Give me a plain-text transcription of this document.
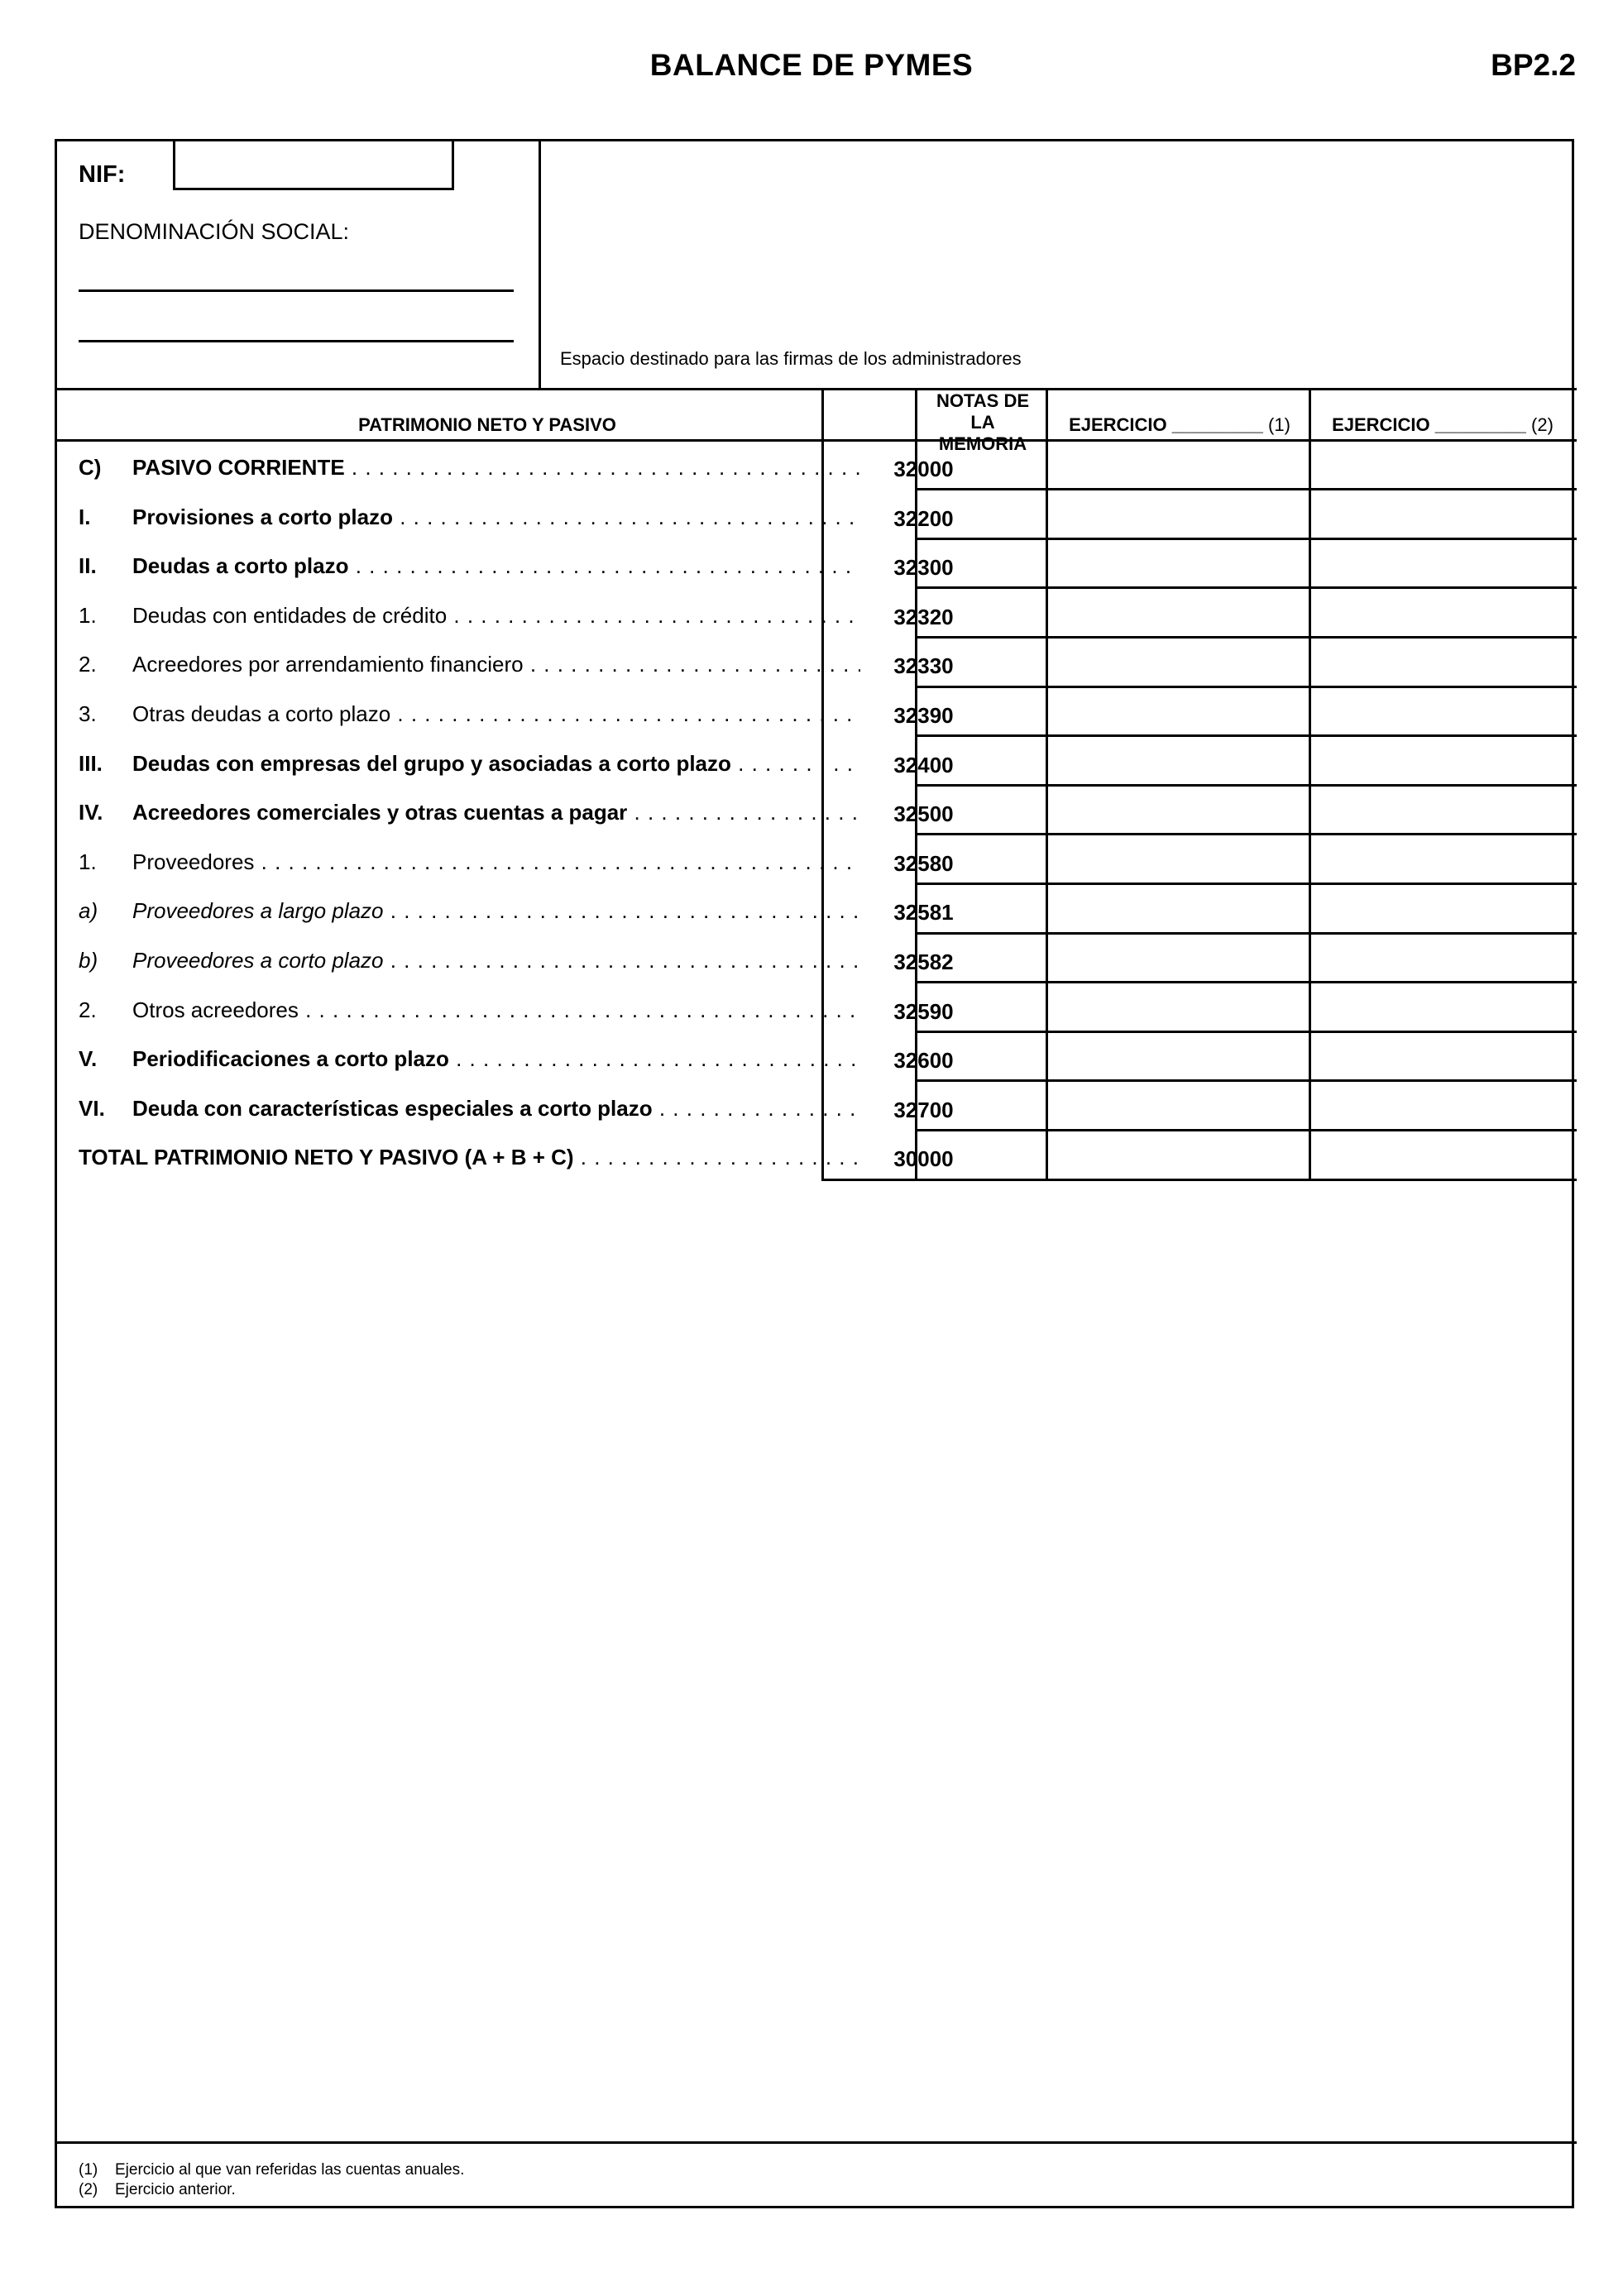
BALANCE DE PYMES	BP2.2
NIF:
DENOMINACIÓN SOCIAL:
Espacio destinado para las firmas de los administradores
PATRIMONIO NETO Y PASIVO
NOTAS DE LA MEMORIA
EJERCICIO _________ (1)	EJERCICIO _________ (2)
C) PASIVO CORRIENTE . . .	32000
I. Provisiones a corto plazo . . .	32200
II. Deudas a corto plazo . . .	32300
1. Deudas con entidades de crédito . . .	32320
2. Acreedores por arrendamiento financiero . . .	32330
3. Otras deudas a corto plazo . . .	32390
III. Deudas con empresas del grupo y asociadas a corto plazo . . .	32400
IV. Acreedores comerciales y otras cuentas a pagar . . .	32500
1. Proveedores . . .	32580
a) Proveedores a largo plazo . . .	32581
b) Proveedores a corto plazo . . .	32582
2. Otros acreedores . . .	32590
V. Periodificaciones a corto plazo . . .	32600
VI. Deuda con características especiales a corto plazo . . .	32700
TOTAL PATRIMONIO NETO Y PASIVO (A + B + C) . . .	30000
(1) Ejercicio al que van referidas las cuentas anuales.
(2) Ejercicio anterior.
